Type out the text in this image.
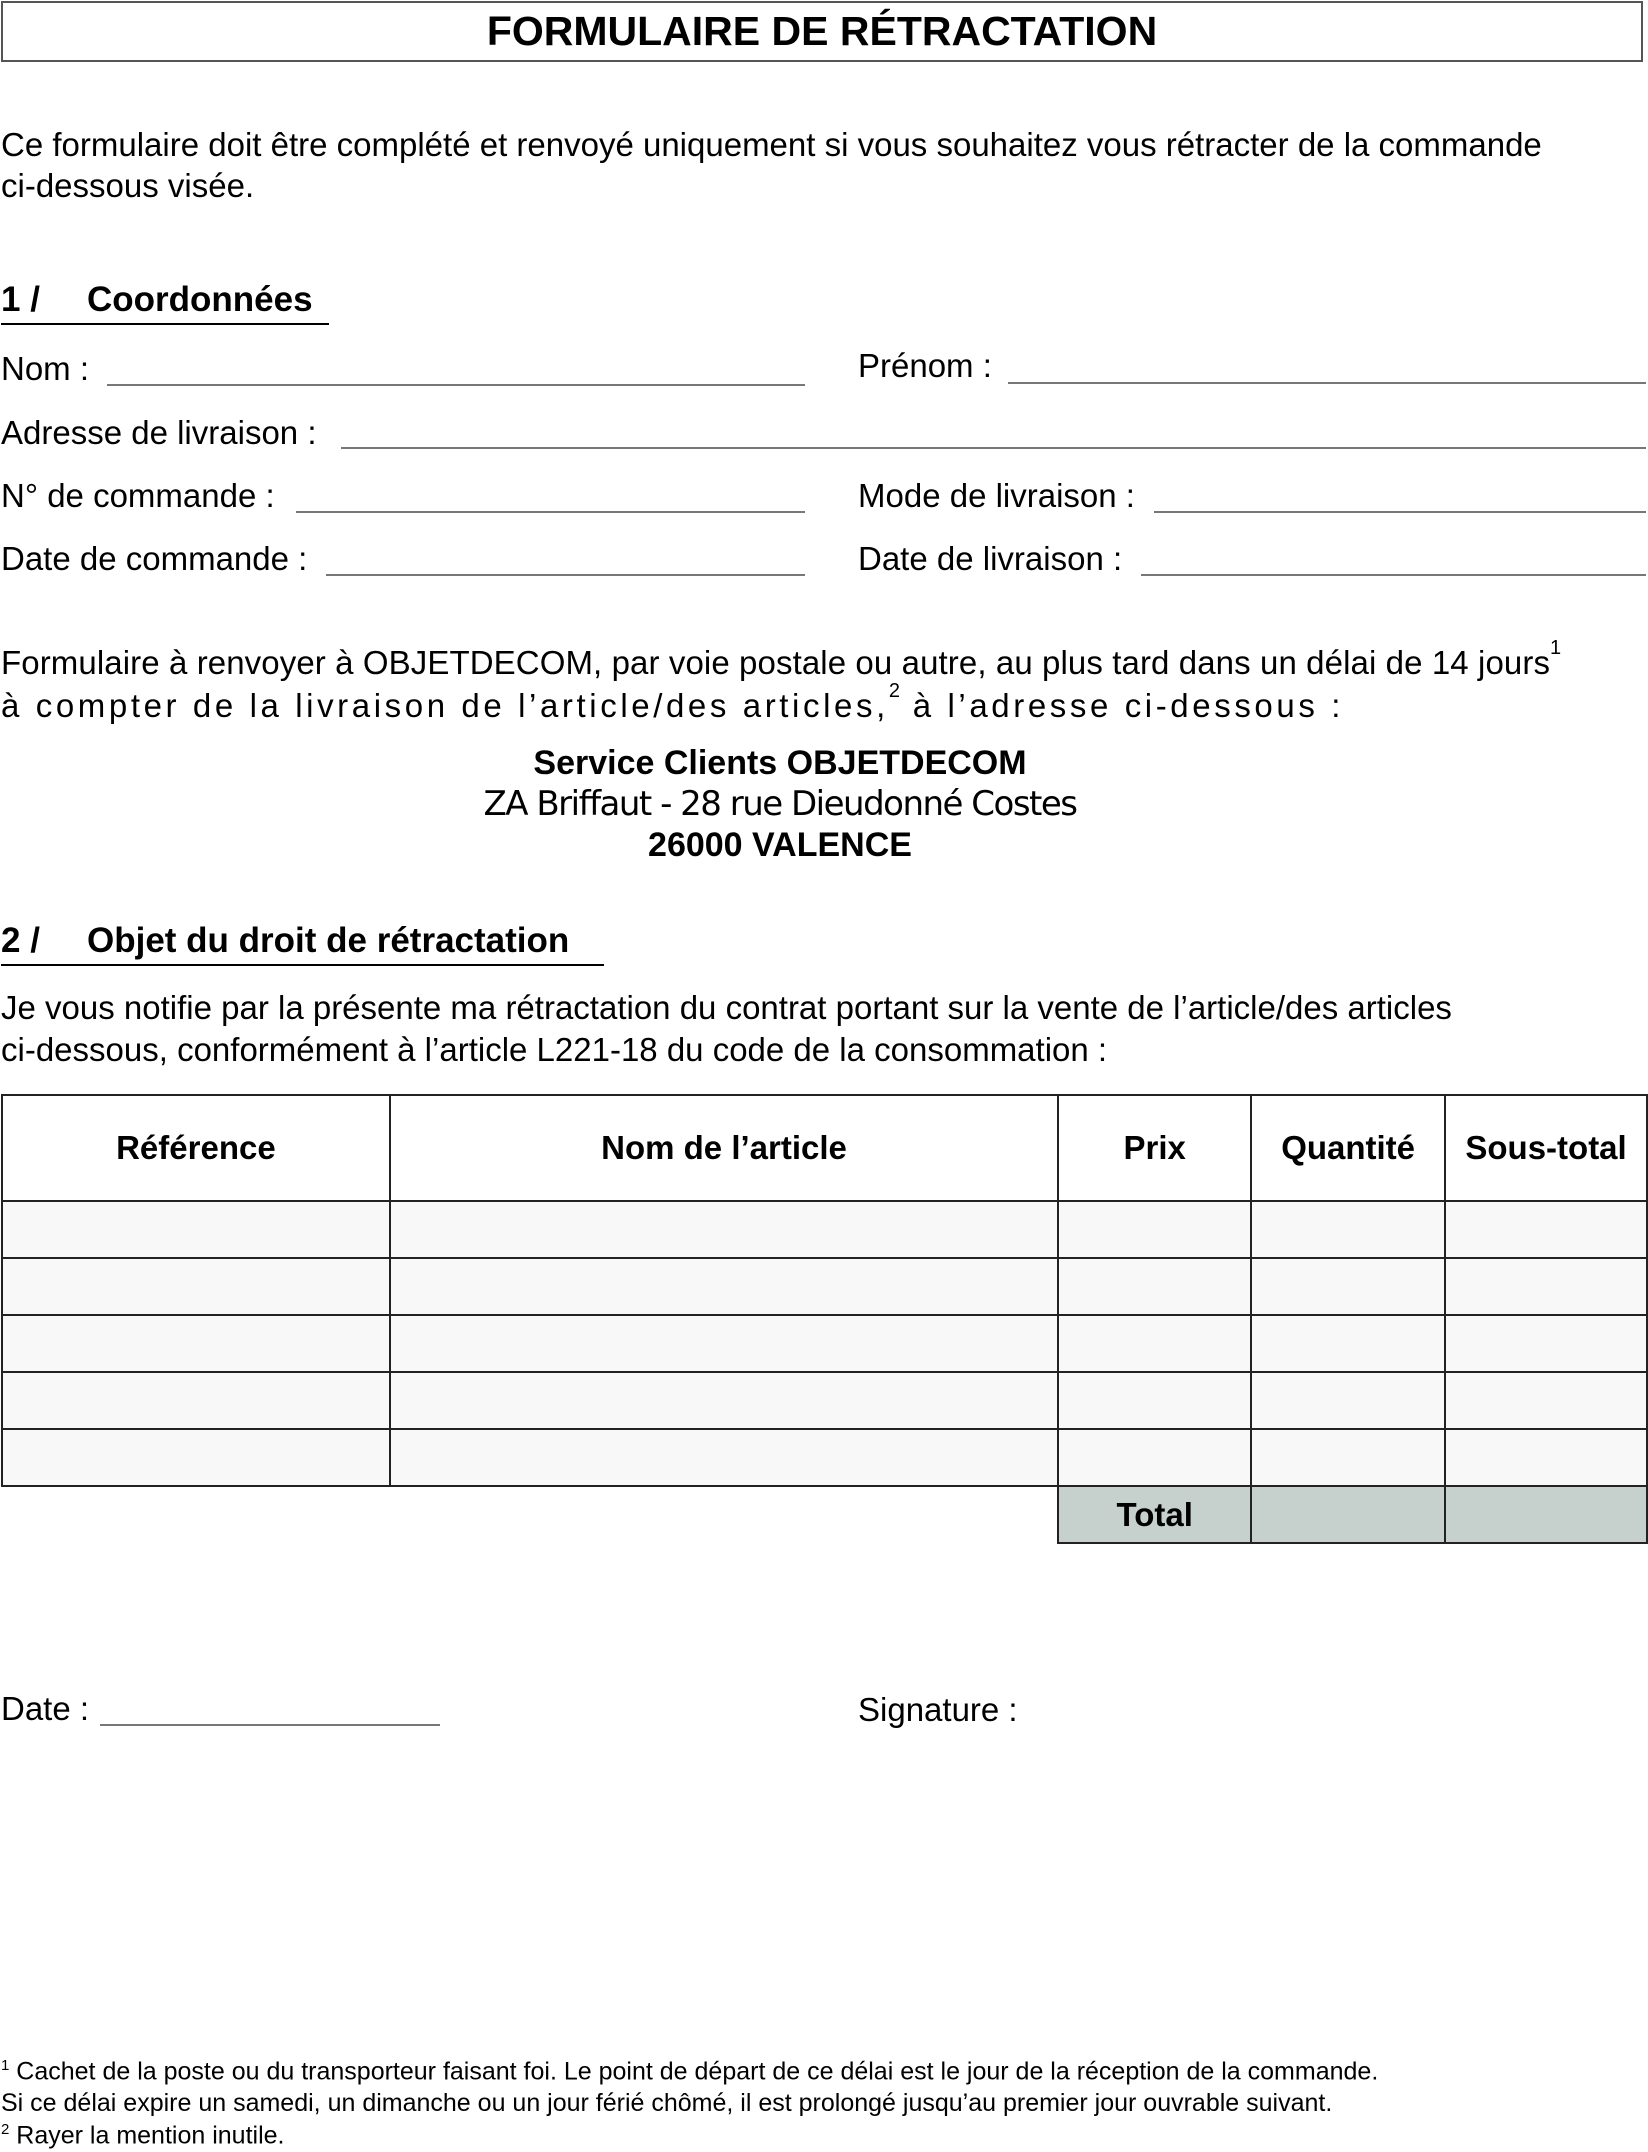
FORMULAIRE DE RÉTRACTATION
Ce formulaire doit être complété et renvoyé uniquement si vous souhaitez vous rétracter de la commande
ci-dessous visée.
1 / Coordonnées
Nom :	Prénom :
Adresse de livraison :
N° de commande :	Mode de livraison :
Date de commande :	Date de livraison :
Formulaire à renvoyer à OBJETDECOM, par voie postale ou autre, au plus tard dans un délai de 14 jours$^1$
à compter de la livraison de l’article/des articles,$^2$ à l’adresse ci-dessous :
Service Clients OBJETDECOM
ZA Briffaut - 28 rue Dieudonné Costes
26000 VALENCE
2 / Objet du droit de rétractation
Je vous notifie par la présente ma rétractation du contrat portant sur la vente de l’article/des articles
ci-dessous, conformément à l’article L221-18 du code de la consommation :
Référence	Nom de l’article	Prix	Quantité	Sous-total

		Total		
Date :	Signature :
$^1$ Cachet de la poste ou du transporteur faisant foi. Le point de départ de ce délai est le jour de la réception de la commande.
Si ce délai expire un samedi, un dimanche ou un jour férié chômé, il est prolongé jusqu’au premier jour ouvrable suivant.
$^2$ Rayer la mention inutile.
